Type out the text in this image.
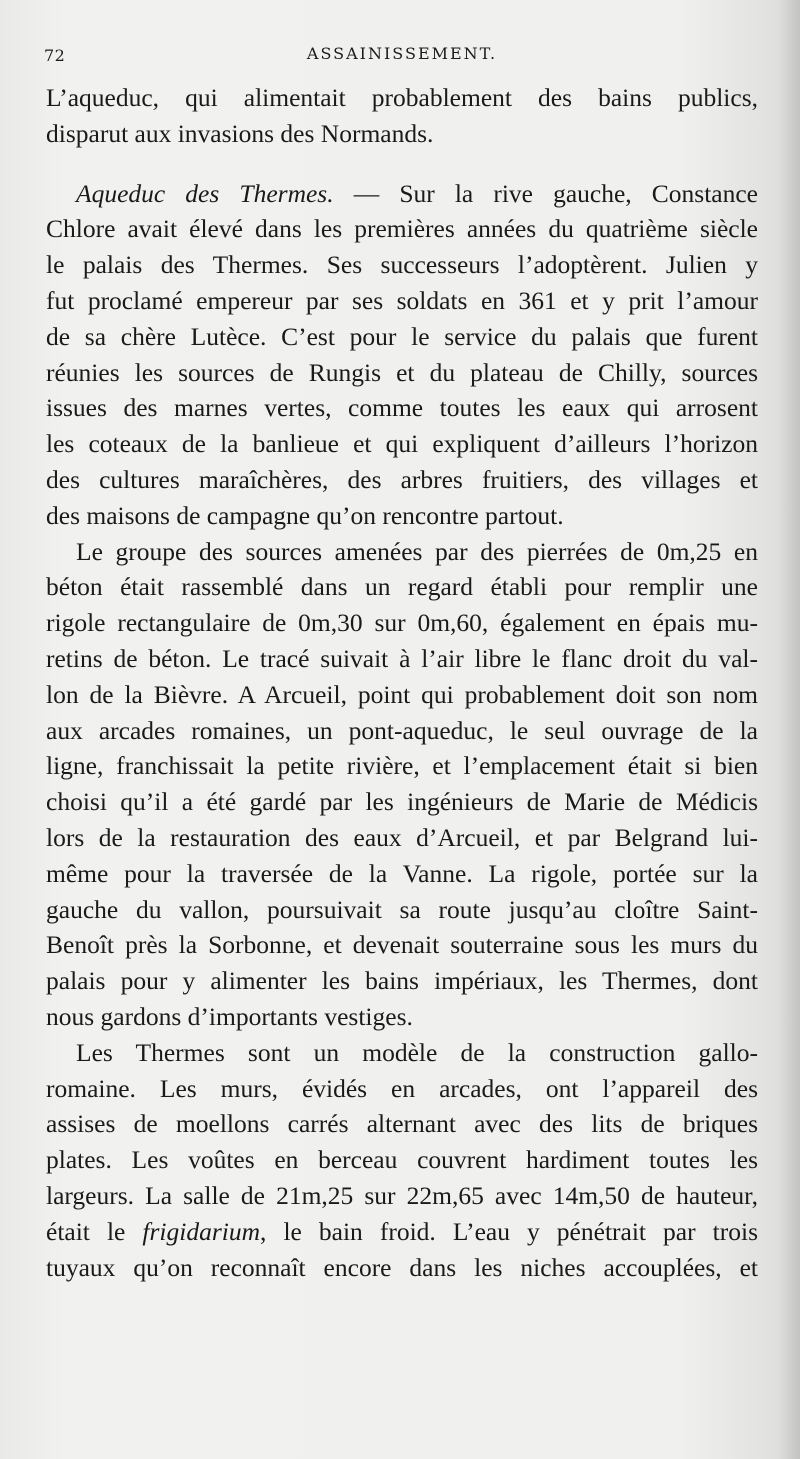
72	ASSAINISSEMENT.

L’aqueduc, qui alimentait probablement des bains publics,
disparut aux invasions des Normands.

Aqueduc des Thermes. — Sur la rive gauche, Constance
Chlore avait élevé dans les premières années du quatrième siècle
le palais des Thermes. Ses successeurs l’adoptèrent. Julien y
fut proclamé empereur par ses soldats en 361 et y prit l’amour
de sa chère Lutèce. C’est pour le service du palais que furent
réunies les sources de Rungis et du plateau de Chilly, sources
issues des marnes vertes, comme toutes les eaux qui arrosent
les coteaux de la banlieue et qui expliquent d’ailleurs l’horizon
des cultures maraîchères, des arbres fruitiers, des villages et
des maisons de campagne qu’on rencontre partout.

Le groupe des sources amenées par des pierrées de 0m,25 en
béton était rassemblé dans un regard établi pour remplir une
rigole rectangulaire de 0m,30 sur 0m,60, également en épais mu-
retins de béton. Le tracé suivait à l’air libre le flanc droit du val-
lon de la Bièvre. A Arcueil, point qui probablement doit son nom
aux arcades romaines, un pont-aqueduc, le seul ouvrage de la
ligne, franchissait la petite rivière, et l’emplacement était si bien
choisi qu’il a été gardé par les ingénieurs de Marie de Médicis
lors de la restauration des eaux d’Arcueil, et par Belgrand lui-
même pour la traversée de la Vanne. La rigole, portée sur la
gauche du vallon, poursuivait sa route jusqu’au cloître Saint-
Benoît près la Sorbonne, et devenait souterraine sous les murs du
palais pour y alimenter les bains impériaux, les Thermes, dont
nous gardons d’importants vestiges.

Les Thermes sont un modèle de la construction gallo-
romaine. Les murs, évidés en arcades, ont l’appareil des
assises de moellons carrés alternant avec des lits de briques
plates. Les voûtes en berceau couvrent hardiment toutes les
largeurs. La salle de 21m,25 sur 22m,65 avec 14m,50 de hauteur,
était le frigidarium, le bain froid. L’eau y pénétrait par trois
tuyaux qu’on reconnaît encore dans les niches accouplées, et
